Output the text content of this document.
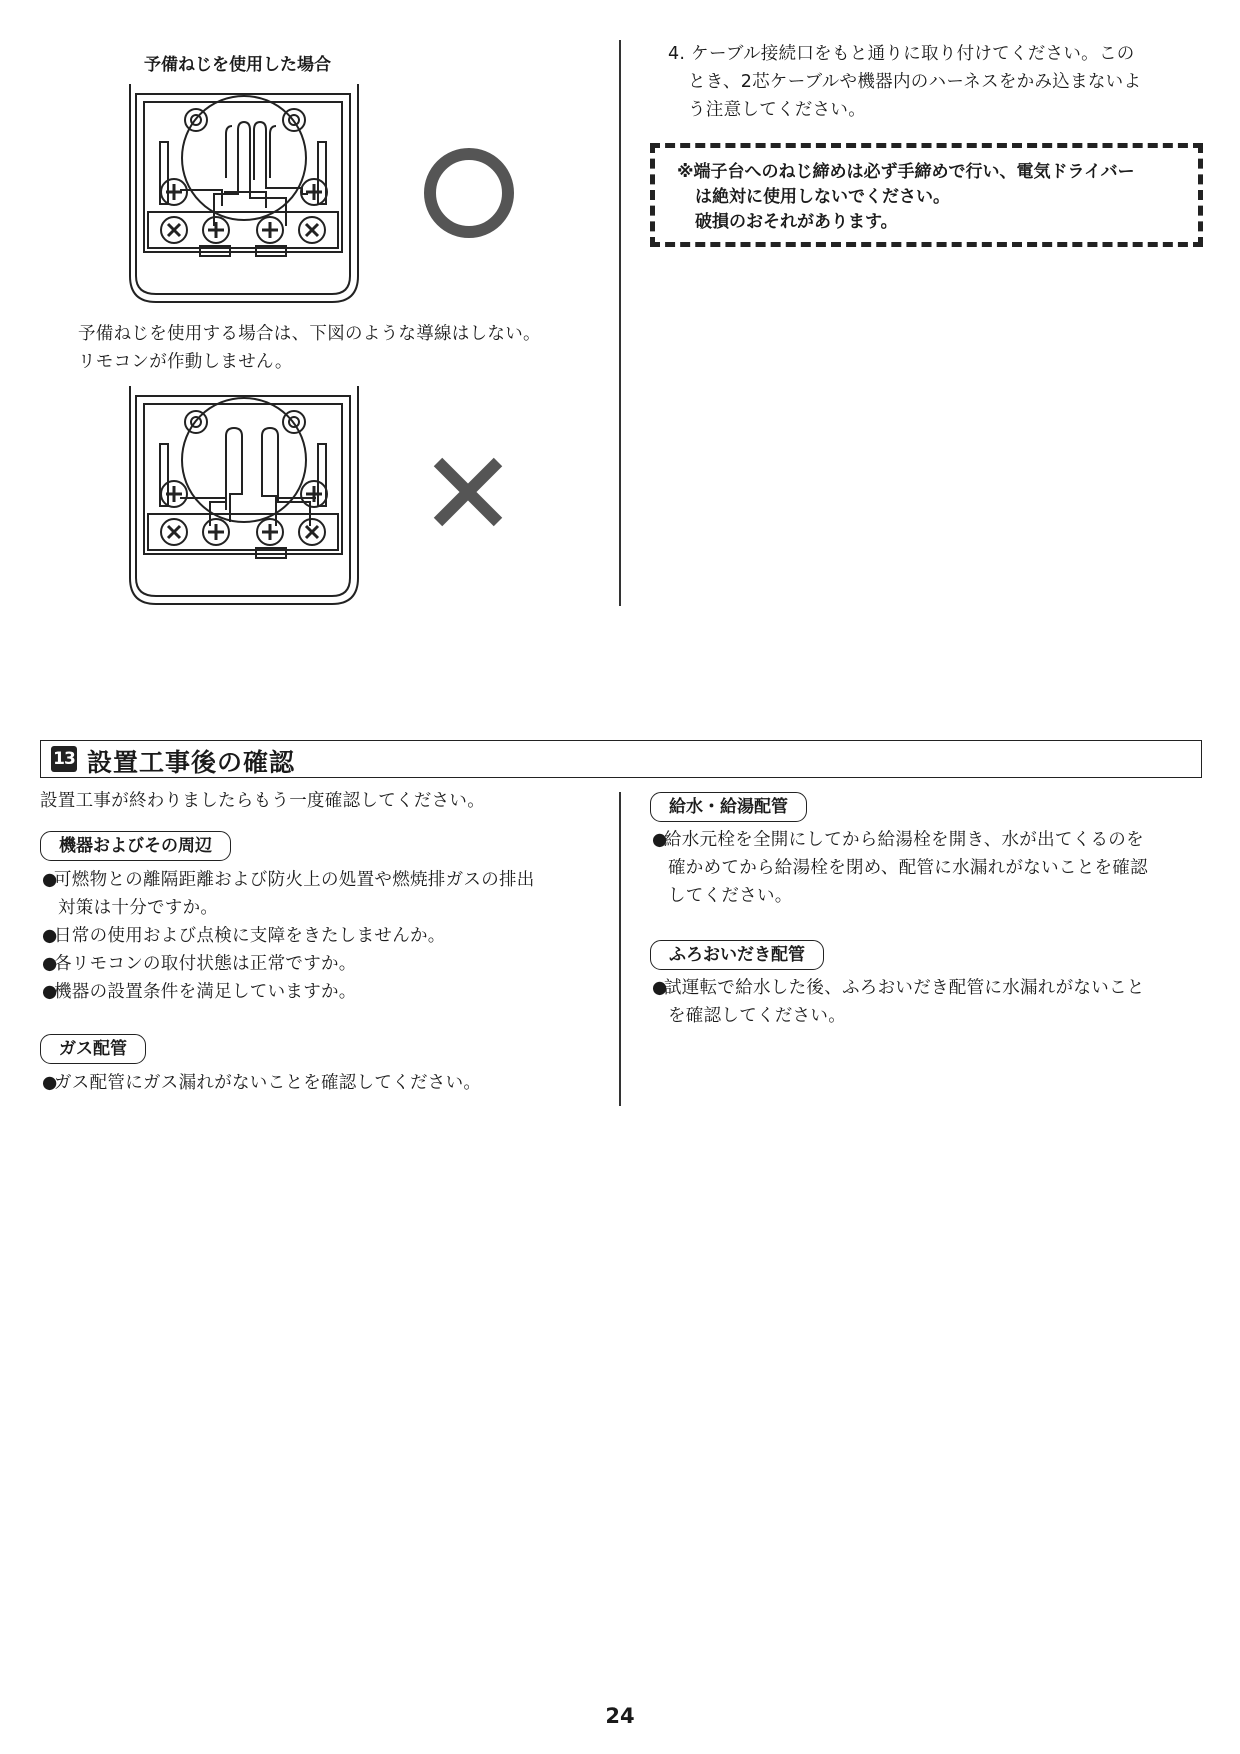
予備ねじを使用した場合
予備ねじを使用する場合は、下図のような導線はしない。
リモコンが作動しません。
4. ケーブル接続口をもと通りに取り付けてください。この
とき、2芯ケーブルや機器内のハーネスをかみ込まないよ
う注意してください。
※端子台へのねじ締めは必ず手締めで行い、電気ドライバー
は絶対に使用しないでください。
破損のおそれがあります。
13 設置工事後の確認
設置工事が終わりましたらもう一度確認してください。
機器およびその周辺
●可燃物との離隔距離および防火上の処置や燃焼排ガスの排出
対策は十分ですか。
●日常の使用および点検に支障をきたしませんか。
●各リモコンの取付状態は正常ですか。
●機器の設置条件を満足していますか。
ガス配管
●ガス配管にガス漏れがないことを確認してください。
給水・給湯配管
●給水元栓を全開にしてから給湯栓を開き、水が出てくるのを
確かめてから給湯栓を閉め、配管に水漏れがないことを確認
してください。
ふろおいだき配管
●試運転で給水した後、ふろおいだき配管に水漏れがないこと
を確認してください。
24
